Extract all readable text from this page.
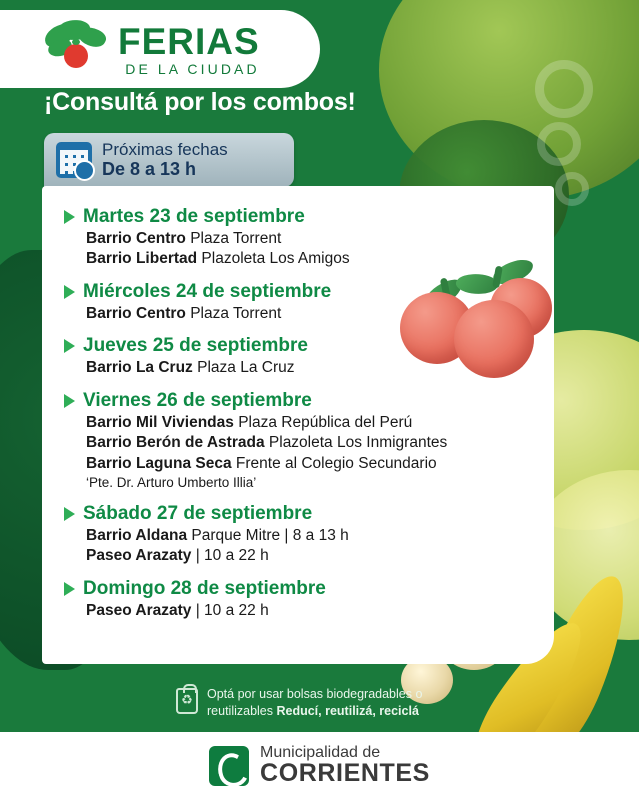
FERIAS
DE LA CIUDAD
¡Consultá por los combos!
Próximas fechas
De 8 a 13 h
Martes 23 de septiembre
Barrio Centro Plaza Torrent
Barrio Libertad Plazoleta Los Amigos
Miércoles 24 de septiembre
Barrio Centro Plaza Torrent
Jueves 25 de septiembre
Barrio La Cruz Plaza La Cruz
Viernes 26 de septiembre
Barrio Mil Viviendas Plaza República del Perú
Barrio Berón de Astrada Plazoleta Los Inmigrantes
Barrio Laguna Seca Frente al Colegio Secundario
‘Pte. Dr. Arturo Umberto Illia’
Sábado 27 de septiembre
Barrio Aldana Parque Mitre | 8 a 13 h
Paseo Arazaty | 10 a 22 h
Domingo 28 de septiembre
Paseo Arazaty | 10 a 22 h
♻
Optá por usar bolsas biodegradables o
reutilizables Reducí, reutilizá, reciclá
Municipalidad de
CORRIENTES
